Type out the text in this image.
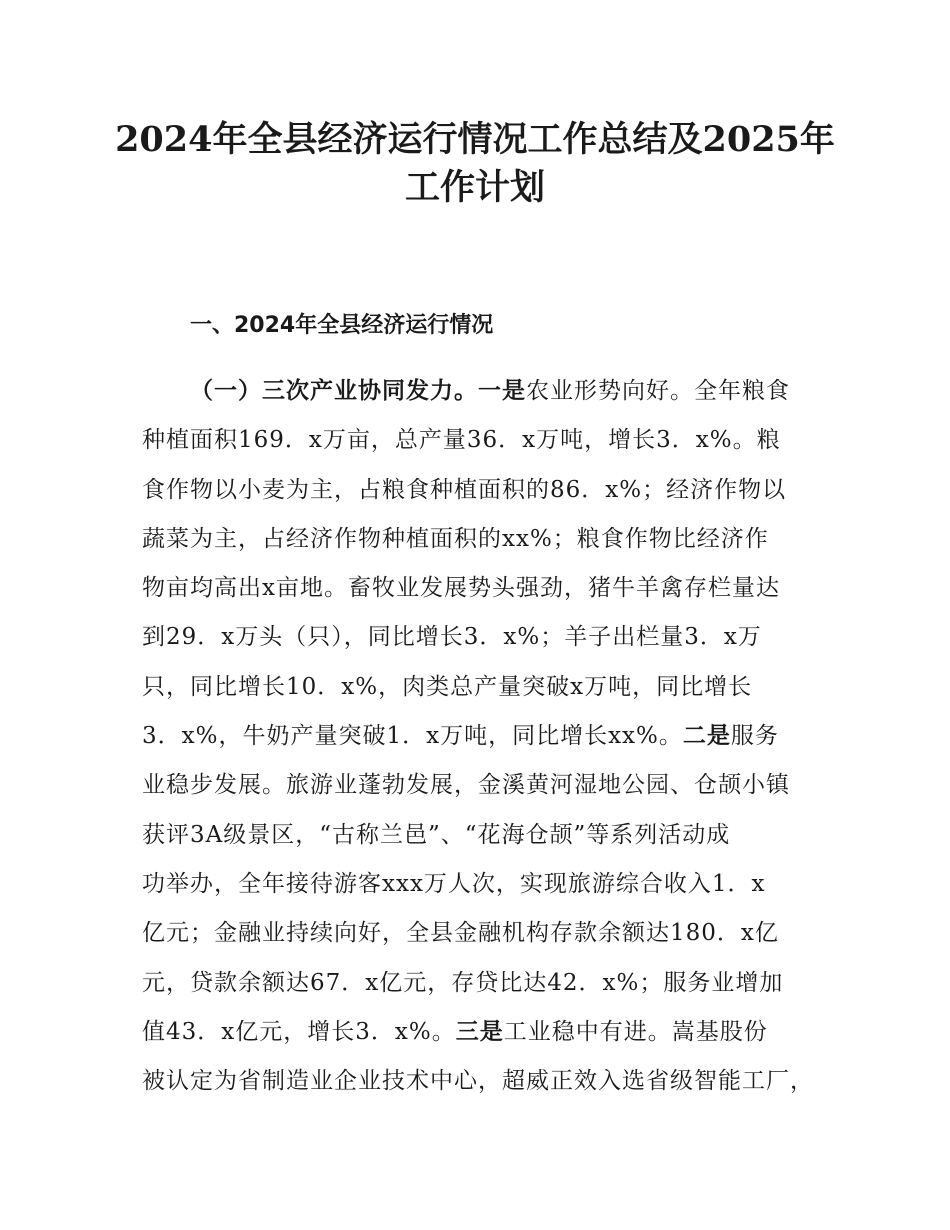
2024年全县经济运行情况工作总结及2025年
工作计划
一、2024年全县经济运行情况
（一）三次产业协同发力。一是农业形势向好。全年粮食
种植面积169．x万亩，总产量36．x万吨，增长3．x%。粮
食作物以小麦为主，占粮食种植面积的86．x%；经济作物以
蔬菜为主，占经济作物种植面积的xx%；粮食作物比经济作
物亩均高出x亩地。畜牧业发展势头强劲，猪牛羊禽存栏量达
到29．x万头（只），同比增长3．x%；羊子出栏量3．x万
只，同比增长10．x%，肉类总产量突破x万吨，同比增长
3．x%，牛奶产量突破1．x万吨，同比增长xx%。二是服务
业稳步发展。旅游业蓬勃发展，金溪黄河湿地公园、仓颉小镇
获评3A级景区，“古称兰邑”、“花海仓颉”等系列活动成
功举办，全年接待游客xxx万人次，实现旅游综合收入1．x
亿元；金融业持续向好，全县金融机构存款余额达180．x亿
元，贷款余额达67．x亿元，存贷比达42．x%；服务业增加
值43．x亿元，增长3．x%。三是工业稳中有进。嵩基股份
被认定为省制造业企业技术中心，超威正效入选省级智能工厂，
